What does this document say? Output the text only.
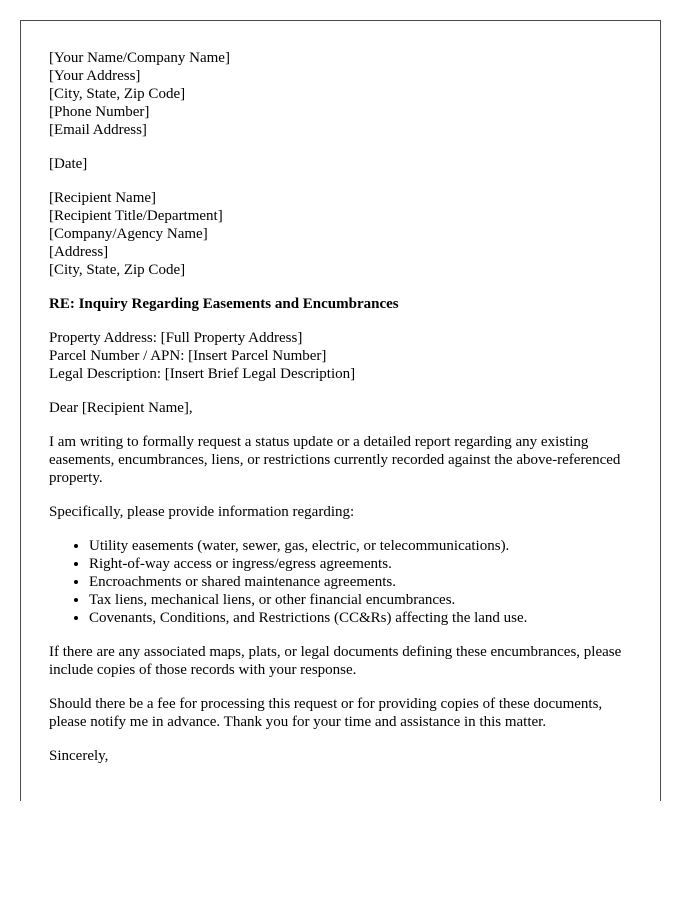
[Your Name/Company Name]
[Your Address]
[City, State, Zip Code]
[Phone Number]
[Email Address]
[Date]
[Recipient Name]
[Recipient Title/Department]
[Company/Agency Name]
[Address]
[City, State, Zip Code]
RE: Inquiry Regarding Easements and Encumbrances
Property Address: [Full Property Address]
Parcel Number / APN: [Insert Parcel Number]
Legal Description: [Insert Brief Legal Description]

Dear [Recipient Name],

I am writing to formally request a status update or a detailed report regarding any existing easements, encumbrances, liens, or restrictions currently recorded against the above-referenced property.

Specifically, please provide information regarding:

• Utility easements (water, sewer, gas, electric, or telecommunications).
• Right-of-way access or ingress/egress agreements.
• Encroachments or shared maintenance agreements.
• Tax liens, mechanical liens, or other financial encumbrances.
• Covenants, Conditions, and Restrictions (CC&Rs) affecting the land use.

If there are any associated maps, plats, or legal documents defining these encumbrances, please include copies of those records with your response.

Should there be a fee for processing this request or for providing copies of these documents, please notify me in advance. Thank you for your time and assistance in this matter.

Sincerely,
